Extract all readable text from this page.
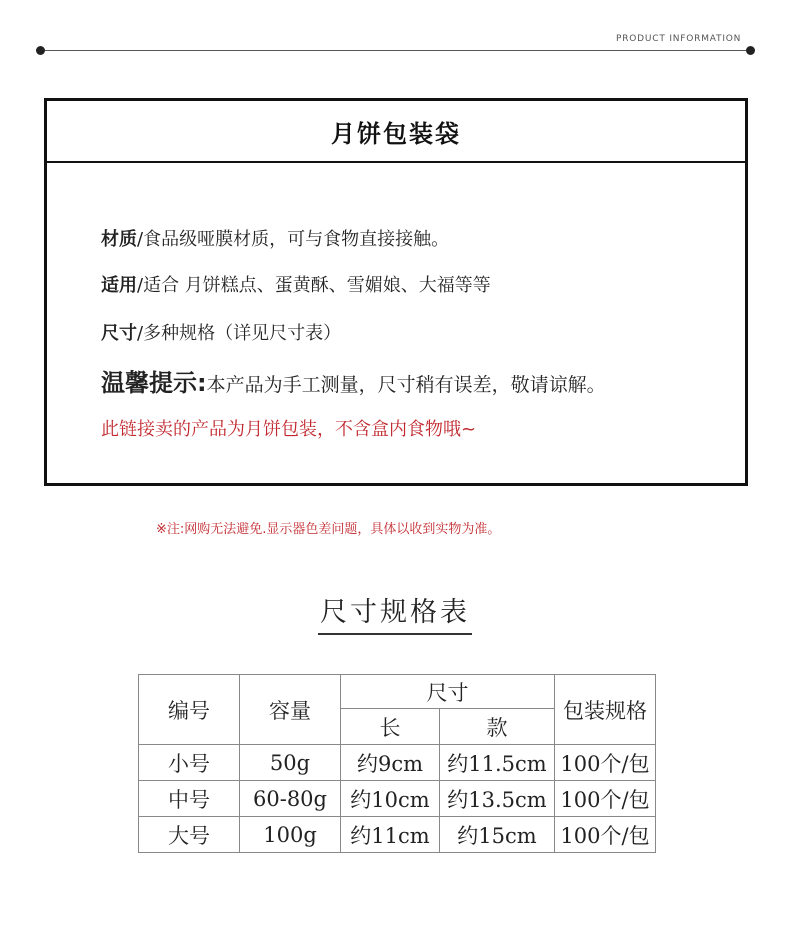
PRODUCT INFORMATION
月饼包装袋
材质/食品级哑膜材质，可与食物直接接触。
适用/适合 月饼糕点、蛋黄酥、雪媚娘、大福等等
尺寸/多种规格（详见尺寸表）
温馨提示:本产品为手工测量，尺寸稍有误差，敬请谅解。
此链接卖的产品为月饼包装，不含盒内食物哦~
※注:网购无法避免.显示器色差问题，具体以收到实物为准。
尺寸规格表
编号	容量	尺寸		包装规格
		长	款	
小号	50g	约9cm	约11.5cm	100个/包
中号	60-80g	约10cm	约13.5cm	100个/包
大号	100g	约11cm	约15cm	100个/包
